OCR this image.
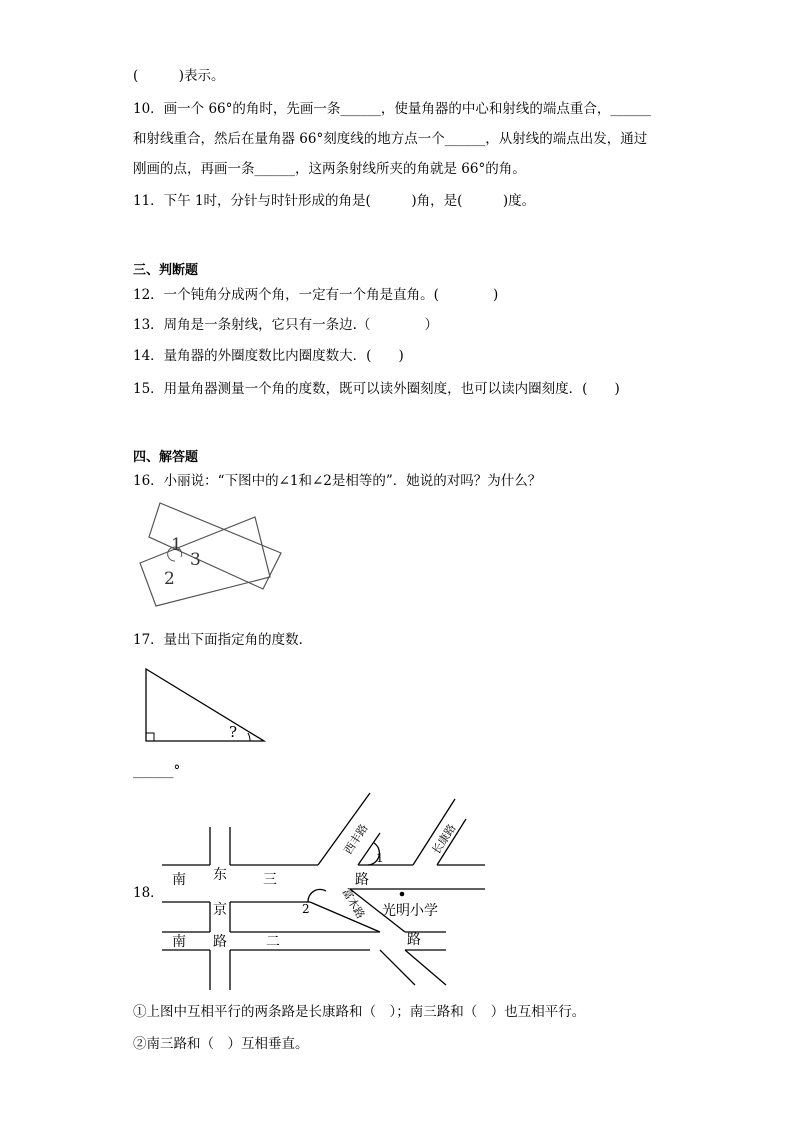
(　　　)表示。
10．画一个 66°的角时，先画一条______，使量角器的中心和射线的端点重合，______
和射线重合，然后在量角器 66°刻度线的地方点一个______，从射线的端点出发，通过
刚画的点，再画一条______，这两条射线所夹的角就是 66°的角。
11．下午 1时，分针与时针形成的角是(　　　)角，是(　　　)度。
三、判断题
12．一个钝角分成两个角，一定有一个角是直角。(　　　　)
13．周角是一条射线，它只有一条边.（　　　　）
14．量角器的外圈度数比内圈度数大．(　　)
15．用量角器测量一个角的度数，既可以读外圈刻度，也可以读内圈刻度．(　　)
四、解答题
16．小丽说：“下图中的∠1和∠2是相等的”．她说的对吗？为什么？
1
3
2
17．量出下面指定角的度数．
?
______°
18．
南 东	三	路
京
南 路	二	路
1
2	光明小学
西丰路	长康路
富木路
①上图中互相平行的两条路是长康路和（　）；南三路和（　）也互相平行。
②南三路和（　）互相垂直。
